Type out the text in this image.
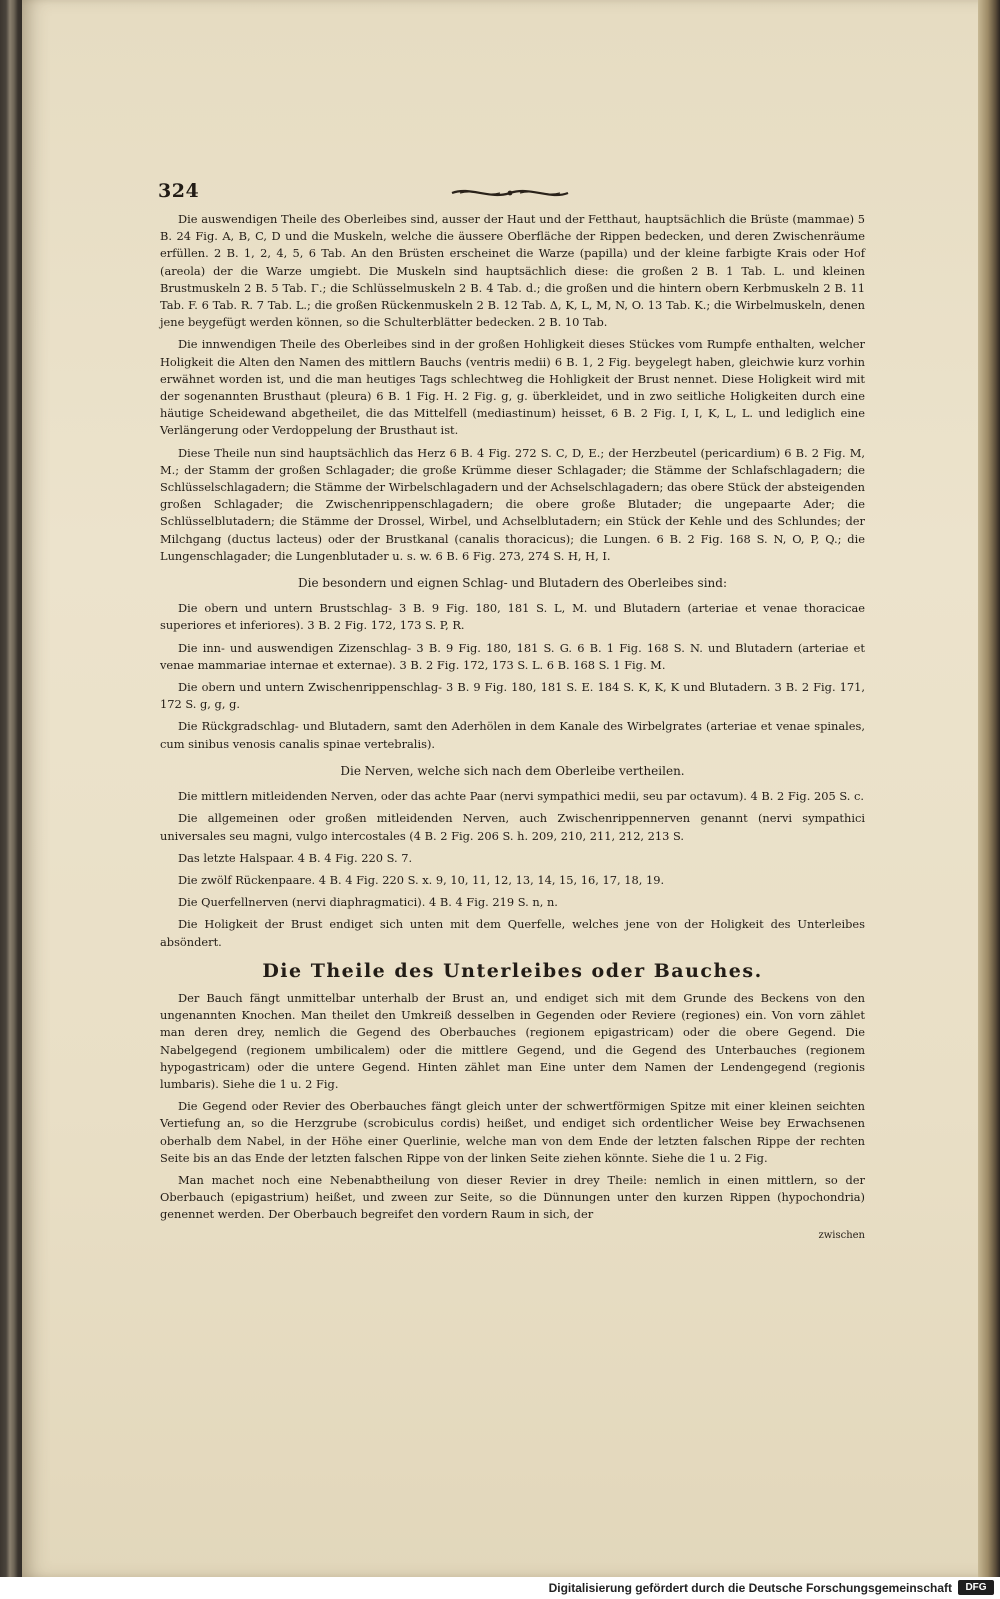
324

Die auswendigen Theile des Oberleibes sind, ausser der Haut und der Fetthaut, hauptsächlich die Brüste (mammae) 5 B. 24 Fig. A, B, C, D und die Muskeln, welche die äussere Oberfläche der Rippen bedecken, und deren Zwischenräume erfüllen. 2 B. 1, 2, 4, 5, 6 Tab. An den Brüsten erscheinet die Warze (papilla) und der kleine farbigte Krais oder Hof (areola) der die Warze umgiebt. Die Muskeln sind hauptsächlich diese: die großen 2 B. 1 Tab. L. und kleinen Brustmuskeln 2 B. 5 Tab. Γ.; die Schlüsselmuskeln 2 B. 4 Tab. d.; die großen und die hintern obern Kerbmuskeln 2 B. 11 Tab. F. 6 Tab. R. 7 Tab. L.; die großen Rückenmuskeln 2 B. 12 Tab. Δ, K, L, M, N, O. 13 Tab. K.; die Wirbelmuskeln, denen jene beygefügt werden können, so die Schulterblätter bedecken. 2 B. 10 Tab.

Die innwendigen Theile des Oberleibes sind in der großen Hohligkeit dieses Stückes vom Rumpfe enthalten, welcher Holigkeit die Alten den Namen des mittlern Bauchs (ventris medii) 6 B. 1, 2 Fig. beygelegt haben, gleichwie kurz vorhin erwähnet worden ist, und die man heutiges Tags schlechtweg die Hohligkeit der Brust nennet. Diese Holigkeit wird mit der sogenannten Brusthaut (pleura) 6 B. 1 Fig. H. 2 Fig. g, g. überkleidet, und in zwo seitliche Holigkeiten durch eine häutige Scheidewand abgetheilet, die das Mittelfell (mediastinum) heisset, 6 B. 2 Fig. I, I, K, L, L. und lediglich eine Verlängerung oder Verdoppelung der Brusthaut ist.

Diese Theile nun sind hauptsächlich das Herz 6 B. 4 Fig. 272 S. C, D, E.; der Herzbeutel (pericardium) 6 B. 2 Fig. M, M.; der Stamm der großen Schlagader; die große Krümme dieser Schlagader; die Stämme der Schlafschlagadern; die Schlüsselschlagadern; die Stämme der Wirbelschlagadern und der Achselschlagadern; das obere Stück der absteigenden großen Schlagader; die Zwischenrippenschlagadern; die obere große Blutader; die ungepaarte Ader; die Schlüsselblutadern; die Stämme der Drossel, Wirbel, und Achselblutadern; ein Stück der Kehle und des Schlundes; der Milchgang (ductus lacteus) oder der Brustkanal (canalis thoracicus); die Lungen. 6 B. 2 Fig. 168 S. N, O, P, Q.; die Lungenschlagader; die Lungenblutader u. s. w. 6 B. 6 Fig. 273, 274 S. H, H, I.

Die besondern und eignen Schlag- und Blutadern des Oberleibes sind:

Die obern und untern Brustschlag- 3 B. 9 Fig. 180, 181 S. L, M. und Blutadern (arteriae et venae thoracicae superiores et inferiores). 3 B. 2 Fig. 172, 173 S. P, R.

Die inn- und auswendigen Zizenschlag- 3 B. 9 Fig. 180, 181 S. G. 6 B. 1 Fig. 168 S. N. und Blutadern (arteriae et venae mammariae internae et externae). 3 B. 2 Fig. 172, 173 S. L. 6 B. 168 S. 1 Fig. M.

Die obern und untern Zwischenrippenschlag- 3 B. 9 Fig. 180, 181 S. E. 184 S. K, K, K und Blutadern. 3 B. 2 Fig. 171, 172 S. g, g, g.

Die Rückgradschlag- und Blutadern, samt den Aderhölen in dem Kanale des Wirbelgrates (arteriae et venae spinales, cum sinibus venosis canalis spinae vertebralis).

Die Nerven, welche sich nach dem Oberleibe vertheilen.

Die mittlern mitleidenden Nerven, oder das achte Paar (nervi sympathici medii, seu par octavum). 4 B. 2 Fig. 205 S. c.

Die allgemeinen oder großen mitleidenden Nerven, auch Zwischenrippennerven genannt (nervi sympathici universales seu magni, vulgo intercostales (4 B. 2 Fig. 206 S. h. 209, 210, 211, 212, 213 S.

Das letzte Halspaar. 4 B. 4 Fig. 220 S. 7.

Die zwölf Rückenpaare. 4 B. 4 Fig. 220 S. x. 9, 10, 11, 12, 13, 14, 15, 16, 17, 18, 19.

Die Querfellnerven (nervi diaphragmatici). 4 B. 4 Fig. 219 S. n, n.

Die Holigkeit der Brust endiget sich unten mit dem Querfelle, welches jene von der Holigkeit des Unterleibes absöndert.

Die Theile des Unterleibes oder Bauches.

Der Bauch fängt unmittelbar unterhalb der Brust an, und endiget sich mit dem Grunde des Beckens von den ungenannten Knochen. Man theilet den Umkreiß desselben in Gegenden oder Reviere (regiones) ein. Von vorn zählet man deren drey, nemlich die Gegend des Oberbauches (regionem epigastricam) oder die obere Gegend. Die Nabelgegend (regionem umbilicalem) oder die mittlere Gegend, und die Gegend des Unterbauches (regionem hypogastricam) oder die untere Gegend. Hinten zählet man Eine unter dem Namen der Lendengegend (regionis lumbaris). Siehe die 1 u. 2 Fig.

Die Gegend oder Revier des Oberbauches fängt gleich unter der schwertförmigen Spitze mit einer kleinen seichten Vertiefung an, so die Herzgrube (scrobiculus cordis) heißet, und endiget sich ordentlicher Weise bey Erwachsenen oberhalb dem Nabel, in der Höhe einer Querlinie, welche man von dem Ende der letzten falschen Rippe der rechten Seite bis an das Ende der letzten falschen Rippe von der linken Seite ziehen könnte. Siehe die 1 u. 2 Fig.

Man machet noch eine Nebenabtheilung von dieser Revier in drey Theile: nemlich in einen mittlern, so der Oberbauch (epigastrium) heißet, und zween zur Seite, so die Dünnungen unter den kurzen Rippen (hypochondria) genennet werden. Der Oberbauch begreifet den vordern Raum in sich, der

zwischen
Digitalisierung gefördert durch die Deutsche Forschungsgemeinschaft	DFG
